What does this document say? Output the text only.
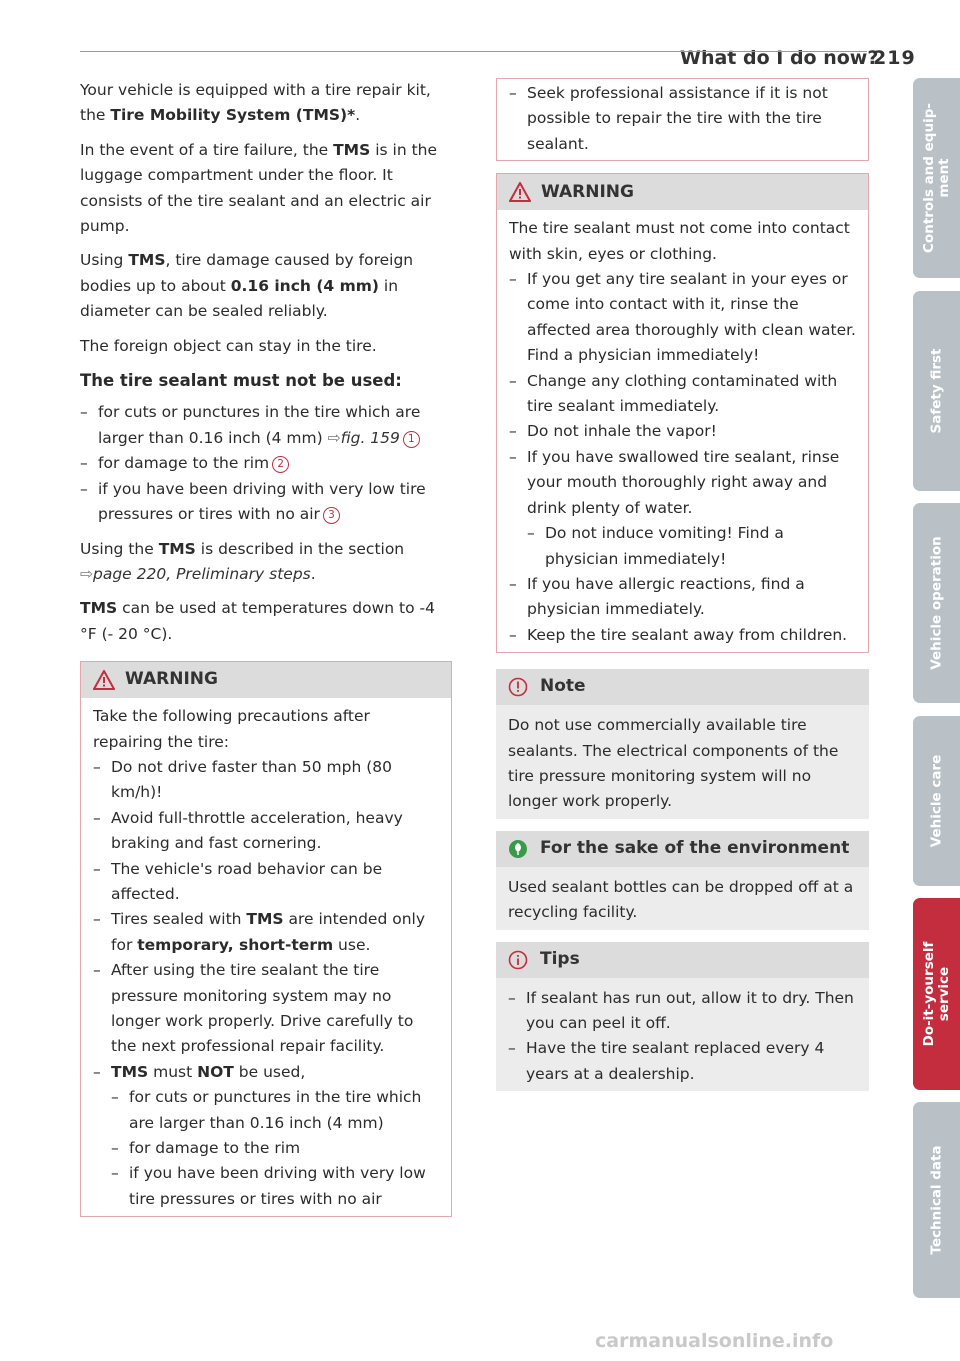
What do I do now?
219

Your vehicle is equipped with a tire repair kit, the Tire Mobility System (TMS)*.

In the event of a tire failure, the TMS is in the luggage compartment under the floor. It consists of the tire sealant and an electric air pump.

Using TMS, tire damage caused by foreign bodies up to about 0.16 inch (4 mm) in diameter can be sealed reliably.

The foreign object can stay in the tire.

The tire sealant must not be used:

– for cuts or punctures in the tire which are larger than 0.16 inch (4 mm) ⇨fig. 159 1
– for damage to the rim 2
– if you have been driving with very low tire pressures or tires with no air 3

Using the TMS is described in the section ⇨page 220, Preliminary steps.

TMS can be used at temperatures down to -4 °F (- 20 °C).

WARNING
Take the following precautions after repairing the tire:
– Do not drive faster than 50 mph (80 km/h)!
– Avoid full-throttle acceleration, heavy braking and fast cornering.
– The vehicle's road behavior can be affected.
– Tires sealed with TMS are intended only for temporary, short-term use.
– After using the tire sealant the tire pressure monitoring system may no longer work properly. Drive carefully to the next professional repair facility.
– TMS must NOT be used,
– for cuts or punctures in the tire which are larger than 0.16 inch (4 mm)
– for damage to the rim
– if you have been driving with very low tire pressures or tires with no air
– Seek professional assistance if it is not possible to repair the tire with the tire sealant.
WARNING
The tire sealant must not come into contact with skin, eyes or clothing.
– If you get any tire sealant in your eyes or come into contact with it, rinse the affected area thoroughly with clean water. Find a physician immediately!
– Change any clothing contaminated with tire sealant immediately.
– Do not inhale the vapor!
– If you have swallowed tire sealant, rinse your mouth thoroughly right away and drink plenty of water.
– Do not induce vomiting! Find a physician immediately!
– If you have allergic reactions, find a physician immediately.
– Keep the tire sealant away from children.
Note
Do not use commercially available tire sealants. The electrical components of the tire pressure monitoring system will no longer work properly.
For the sake of the environment
Used sealant bottles can be dropped off at a recycling facility.
Tips
– If sealant has run out, allow it to dry. Then you can peel it off.
– Have the tire sealant replaced every 4 years at a dealership.
Controls and equip-
ment
Safety first
Vehicle operation
Vehicle care
Do-it-yourself
service
Technical data
carmanualsonline.info
